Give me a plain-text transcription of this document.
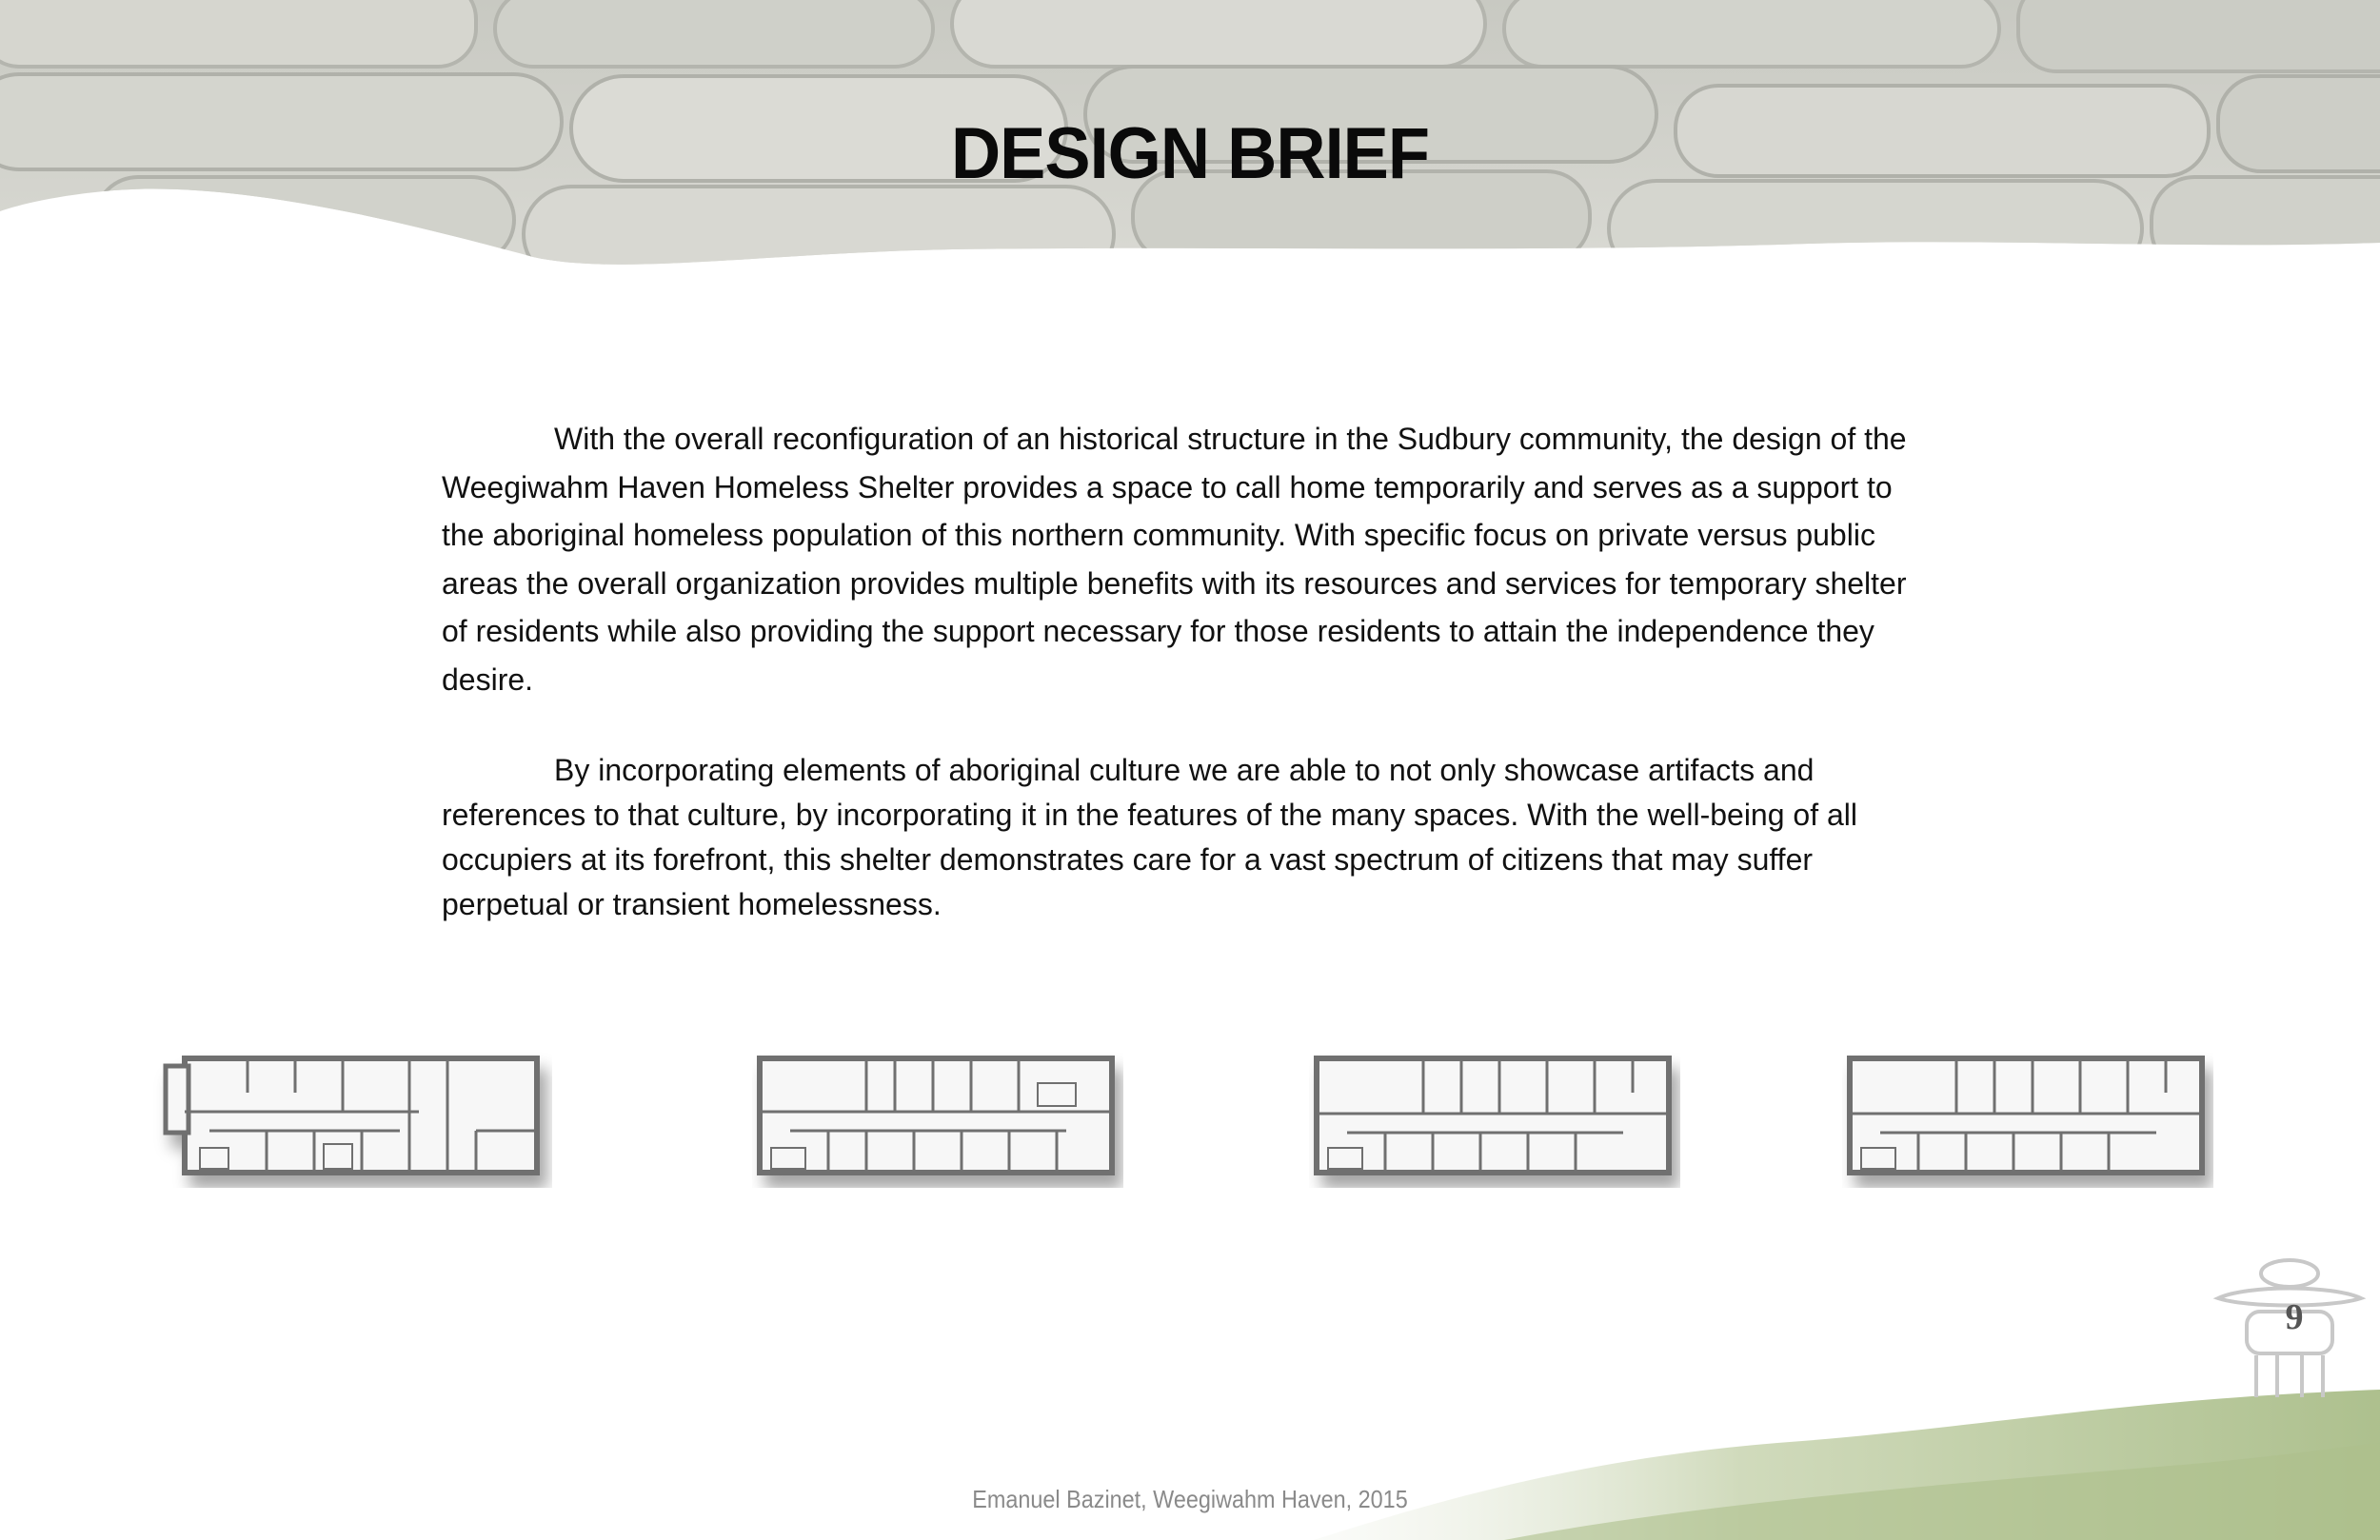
DESIGN BRIEF

With the overall reconfiguration of an historical structure in the Sudbury community, the design of the Weegiwahm Haven Homeless Shelter provides a space to call home temporarily and serves as a support to the aboriginal homeless population of this northern community. With specific focus on private versus public areas the overall organization provides multiple benefits with its resources and services for temporary shelter of residents while also providing the support necessary for those residents to attain the independence they desire.

By incorporating elements of aboriginal culture we are able to not only showcase artifacts and references to that culture, by incorporating it in the features of the many spaces. With the well-being of all occupiers at its forefront, this shelter demonstrates care for a vast spectrum of citizens that may suffer perpetual or transient homelessness.

9
Emanuel Bazinet, Weegiwahm Haven, 2015
